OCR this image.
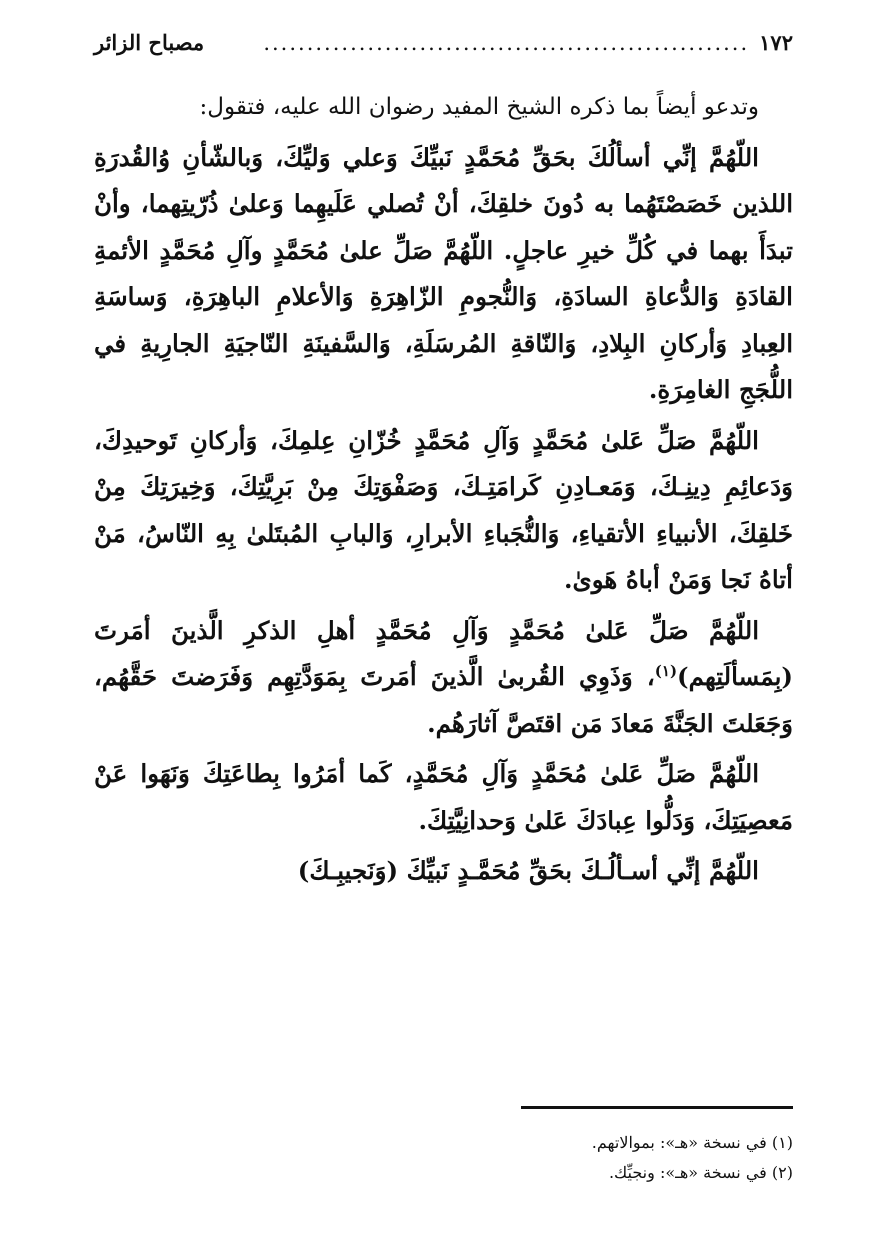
١٧٢
........................................................
مصباح الزائر

وتدعو أيضاً بما ذكره الشيخ المفيد رضوان الله عليه، فتقول:

اللّهُمَّ إنِّي أسألُكَ بحَقِّ مُحَمَّدٍ نَبيِّكَ وَعلي وَليِّكَ، وَبالشّأنِ وُالقُدرَةِ اللذين خَصَصْتَهُما به دُونَ خلقِكَ، أنْ تُصلي عَلَيهِما وَعلىٰ ذُرّيتِهما، وأنْ تبدَأَ بهما في كُلِّ خيرِ عاجلٍ. اللّهُمَّ صَلِّ علىٰ مُحَمَّدٍ وآلِ مُحَمَّدٍ الأئمةِ القادَةِ وَالدُّعاةِ السادَةِ، وَالنُّجومِ الزّاهِرَةِ وَالأعلامِ الباهِرَةِ، وَساسَةِ العِبادِ وَأركانِ البِلادِ، وَالنّاقةِ المُرسَلَةِ، وَالسَّفينَةِ النّاجيَةِ الجارِيةِ في اللُّجَجِ الغامِرَةِ.

اللّهُمَّ صَلِّ عَلىٰ مُحَمَّدٍ وَآلِ مُحَمَّدٍ خُزّانِ عِلمِكَ، وَأركانِ تَوحيدِكَ، وَدَعائِمِ دِينِـكَ، وَمَعـادِنِ كَرامَتِـكَ، وَصَفْوَتِكَ مِنْ بَرِيَّتِكَ، وَخِيرَتِكَ مِنْ خَلقِكَ، الأنبياءِ الأتقياءِ، وَالنُّجَباءِ الأبرارِ، وَالبابِ المُبتَلىٰ بِهِ النّاسُ، مَنْ أتاهُ نَجا وَمَنْ أباهُ هَوىٰ.

اللّهُمَّ صَلِّ عَلىٰ مُحَمَّدٍ وَآلِ مُحَمَّدٍ أهلِ الذكرِ الَّذينَ أمَرتَ (بِمَسألَتِهم)$^{(١)}$، وَذَوِي القُربىٰ الَّذينَ أمَرتَ بِمَوَدَّتِهِم وَفَرَضتَ حَقَّهُم، وَجَعَلتَ الجَنَّةَ مَعادَ مَن اقتَصَّ آثارَهُم.

اللّهُمَّ صَلِّ عَلىٰ مُحَمَّدٍ وَآلِ مُحَمَّدٍ، كَما أمَرُوا بِطاعَتِكَ وَنَهَوا عَنْ مَعصِيَتِكَ، وَدَلُّوا عِبادَكَ عَلىٰ وَحدانِيَّتِكَ.

اللّهُمَّ إنِّي أسـألُـكَ بحَقِّ مُحَمَّـدٍ نَبيِّكَ (وَنَجيبِـكَ)

(١) في نسخة «هـ»: بموالاتهم.
(٢) في نسخة «هـ»: ونجيِّك.
